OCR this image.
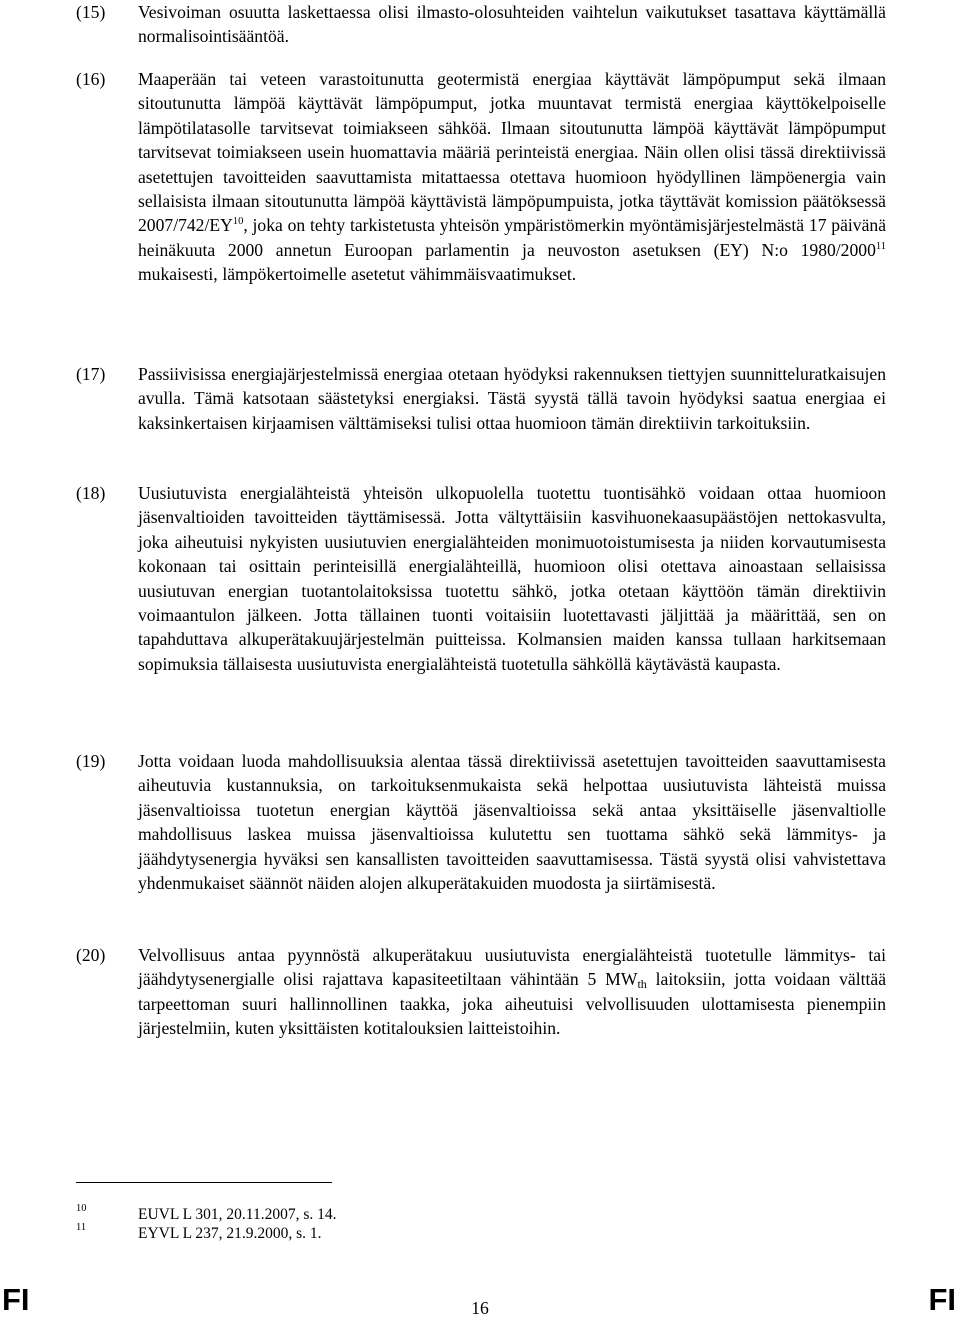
(15)	Vesivoiman osuutta laskettaessa olisi ilmasto-olosuhteiden vaihtelun vaikutukset tasattava käyttämällä normalisointisääntöä.
(16)	Maaperään tai veteen varastoitunutta geotermistä energiaa käyttävät lämpöpumput sekä ilmaan sitoutunutta lämpöä käyttävät lämpöpumput, jotka muuntavat termistä energiaa käyttökelpoiselle lämpötilatasolle tarvitsevat toimiakseen sähköä. Ilmaan sitoutunutta lämpöä käyttävät lämpöpumput tarvitsevat toimiakseen usein huomattavia määriä perinteistä energiaa. Näin ollen olisi tässä direktiivissä asetettujen tavoitteiden saavuttamista mitattaessa otettava huomioon hyödyllinen lämpöenergia vain sellaisista ilmaan sitoutunutta lämpöä käyttävistä lämpöpumpuista, jotka täyttävät komission päätöksessä 2007/742/EY$^{10}$, joka on tehty tarkistetusta yhteisön ympäristömerkin myöntämisjärjestelmästä 17 päivänä heinäkuuta 2000 annetun Euroopan parlamentin ja neuvoston asetuksen (EY) N:o 1980/2000$^{11}$ mukaisesti, lämpökertoimelle asetetut vähimmäisvaatimukset.
(17)	Passiivisissa energiajärjestelmissä energiaa otetaan hyödyksi rakennuksen tiettyjen suunnitteluratkaisujen avulla. Tämä katsotaan säästetyksi energiaksi. Tästä syystä tällä tavoin hyödyksi saatua energiaa ei kaksinkertaisen kirjaamisen välttämiseksi tulisi ottaa huomioon tämän direktiivin tarkoituksiin.
(18)	Uusiutuvista energialähteistä yhteisön ulkopuolella tuotettu tuontisähkö voidaan ottaa huomioon jäsenvaltioiden tavoitteiden täyttämisessä. Jotta vältyttäisiin kasvihuonekaasupäästöjen nettokasvulta, joka aiheutuisi nykyisten uusiutuvien energialähteiden monimuotoistumisesta ja niiden korvautumisesta kokonaan tai osittain perinteisillä energialähteillä, huomioon olisi otettava ainoastaan sellaisissa uusiutuvan energian tuotantolaitoksissa tuotettu sähkö, jotka otetaan käyttöön tämän direktiivin voimaantulon jälkeen. Jotta tällainen tuonti voitaisiin luotettavasti jäljittää ja määrittää, sen on tapahduttava alkuperätakuujärjestelmän puitteissa. Kolmansien maiden kanssa tullaan harkitsemaan sopimuksia tällaisesta uusiutuvista energialähteistä tuotetulla sähköllä käytävästä kaupasta.
(19)	Jotta voidaan luoda mahdollisuuksia alentaa tässä direktiivissä asetettujen tavoitteiden saavuttamisesta aiheutuvia kustannuksia, on tarkoituksenmukaista sekä helpottaa uusiutuvista lähteistä muissa jäsenvaltioissa tuotetun energian käyttöä jäsenvaltioissa sekä antaa yksittäiselle jäsenvaltiolle mahdollisuus laskea muissa jäsenvaltioissa kulutettu sen tuottama sähkö sekä lämmitys- ja jäähdytysenergia hyväksi sen kansallisten tavoitteiden saavuttamisessa. Tästä syystä olisi vahvistettava yhdenmukaiset säännöt näiden alojen alkuperätakuiden muodosta ja siirtämisestä.
(20)	Velvollisuus antaa pyynnöstä alkuperätakuu uusiutuvista energialähteistä tuotetulle lämmitys- tai jäähdytysenergialle olisi rajattava kapasiteetiltaan vähintään 5 $MW_{th}$ laitoksiin, jotta voidaan välttää tarpeettoman suuri hallinnollinen taakka, joka aiheutuisi velvollisuuden ulottamisesta pienempiin järjestelmiin, kuten yksittäisten kotitalouksien laitteistoihin.
10	EUVL L 301, 20.11.2007, s. 14.
11	EYVL L 237, 21.9.2000, s. 1.
FI	16	FI
